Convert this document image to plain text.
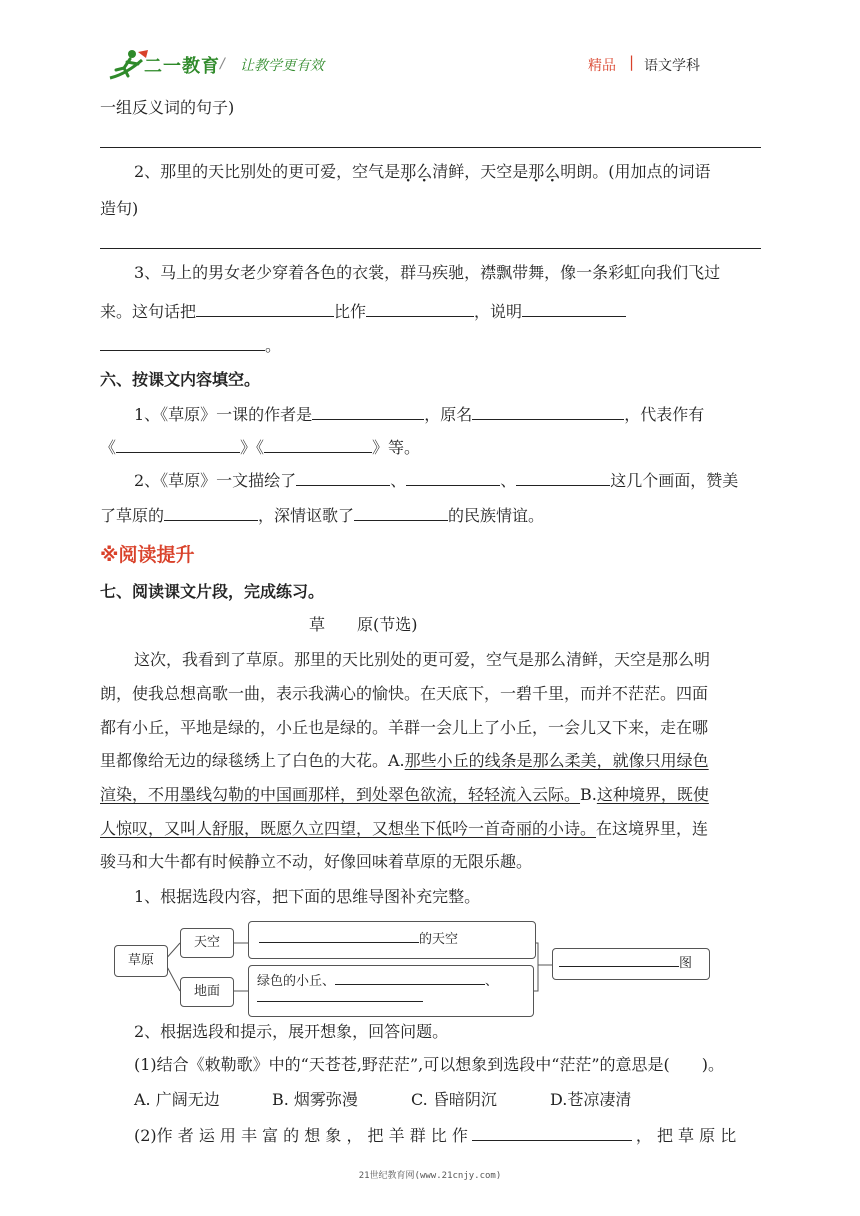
二一教育 / 让教学更有效	精品 | 语文学科
一组反义词的句子)
2、那里的天比别处的更可爱，空气是那么清鲜，天空是那么明朗。(用加点的词语
造句)
3、马上的男女老少穿着各色的衣裳，群马疾驰，襟飘带舞，像一条彩虹向我们飞过
来。这句话把	比作	，说明
。
六、按课文内容填空。
1、《草原》一课的作者是	，原名	，代表作有
《	》《	》等。
2、《草原》一文描绘了	、	、	这几个画面，赞美
了草原的	，深情讴歌了	的民族情谊。
※阅读提升
七、阅读课文片段，完成练习。
草　　原(节选)
这次，我看到了草原。那里的天比别处的更可爱，空气是那么清鲜，天空是那么明
朗，使我总想高歌一曲，表示我满心的愉快。在天底下，一碧千里，而并不茫茫。四面
都有小丘，平地是绿的，小丘也是绿的。羊群一会儿上了小丘，一会儿又下来，走在哪
里都像给无边的绿毯绣上了白色的大花。A.那些小丘的线条是那么柔美，就像只用绿色
渲染，不用墨线勾勒的中国画那样，到处翠色欲流，轻轻流入云际。B.这种境界，既使
人惊叹，又叫人舒服，既愿久立四望，又想坐下低吟一首奇丽的小诗。在这境界里，连
骏马和大牛都有时候静立不动，好像回味着草原的无限乐趣。
1、根据选段内容，把下面的思维导图补充完整。
草原
天空	的天空
地面
绿色的小丘、	、
图
2、根据选段和提示，展开想象，回答问题。
(1)结合《敕勒歌》中的“天苍苍,野茫茫”,可以想象到选段中“茫茫”的意思是(　　)。
A. 广阔无边	B. 烟雾弥漫	C. 昏暗阴沉	D.苍凉凄清
(2)作 者 运 用 丰 富 的 想 象 ， 把 羊 群 比 作	， 把 草 原 比
21世纪教育网(www.21cnjy.com)
